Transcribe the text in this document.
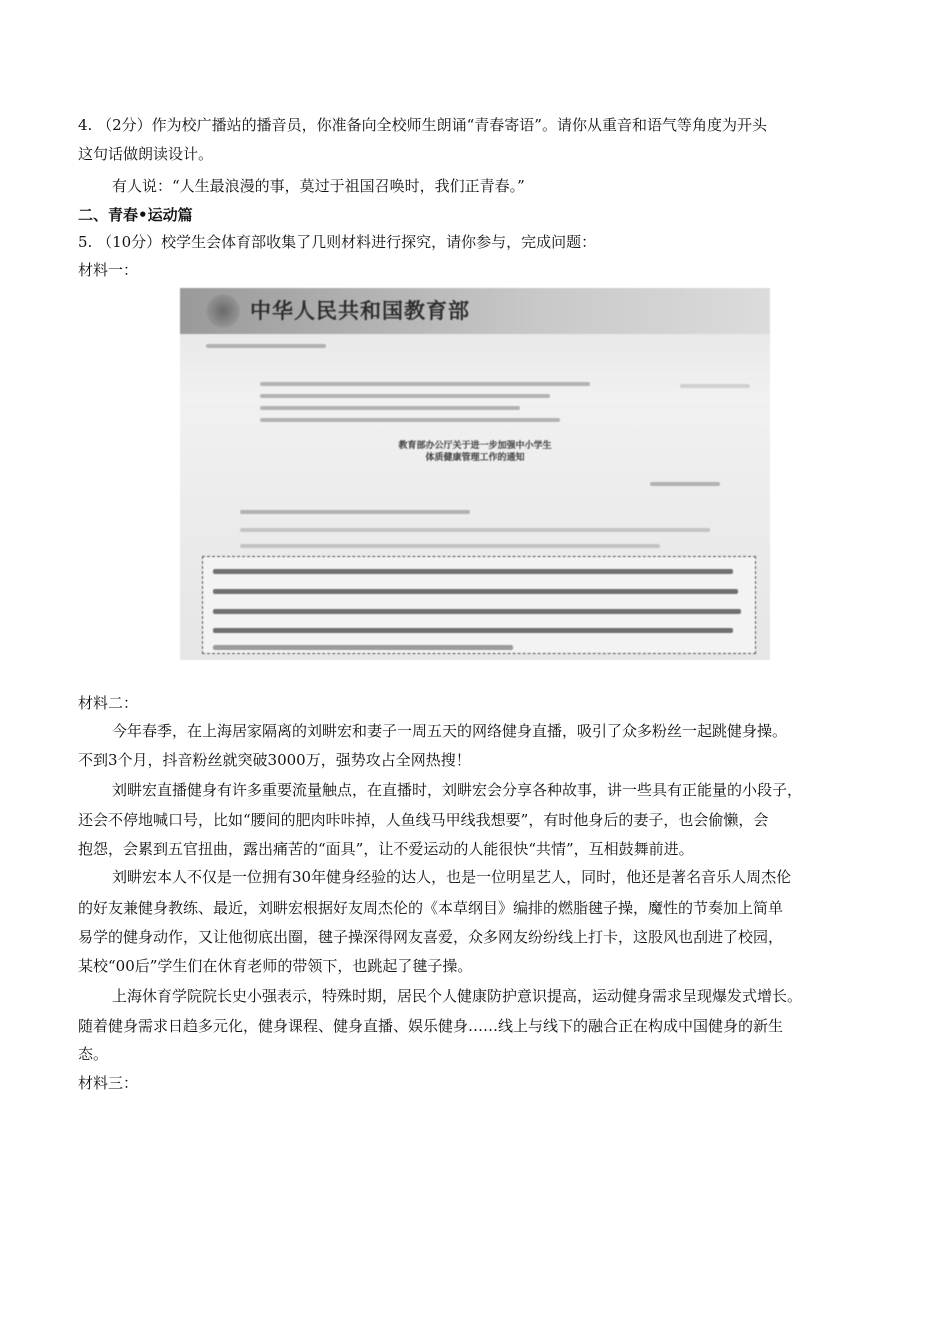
4. （2分）作为校广播站的播音员，你准备向全校师生朗诵“青春寄语”。请你从重音和语气等角度为开头
这句话做朗读设计。
有人说：“人生最浪漫的事，莫过于祖国召唤时，我们正青春。”
二、青春•运动篇
5. （10分）校学生会体育部收集了几则材料进行探究，请你参与，完成问题：
材料一：
中华人民共和国教育部
教育部办公厅关于进一步加强中小学生
体质健康管理工作的通知
材料二：
今年春季，在上海居家隔离的刘畊宏和妻子一周五天的网络健身直播，吸引了众多粉丝一起跳健身操。
不到3个月，抖音粉丝就突破3000万，强势攻占全网热搜！
刘畊宏直播健身有许多重要流量触点，在直播时，刘畊宏会分享各种故事，讲一些具有正能量的小段子，
还会不停地喊口号，比如“腰间的肥肉咔咔掉，人鱼线马甲线我想要”，有时他身后的妻子，也会偷懒，会
抱怨，会累到五官扭曲，露出痛苦的“面具”，让不爱运动的人能很快“共情”，互相鼓舞前进。
刘畊宏本人不仅是一位拥有30年健身经验的达人，也是一位明星艺人，同时，他还是著名音乐人周杰伦
的好友兼健身教练、最近，刘畊宏根据好友周杰伦的《本草纲目》编排的燃脂毽子操，魔性的节奏加上简单
易学的健身动作，又让他彻底出圈，毽子操深得网友喜爱，众多网友纷纷线上打卡，这股风也刮进了校园，
某校“00后”学生们在休育老师的带领下，也跳起了毽子操。
上海休育学院院长史小强表示，特殊时期，居民个人健康防护意识提高，运动健身需求呈现爆发式增长。
随着健身需求日趋多元化，健身课程、健身直播、娱乐健身……线上与线下的融合正在构成中国健身的新生
态。
材料三：
